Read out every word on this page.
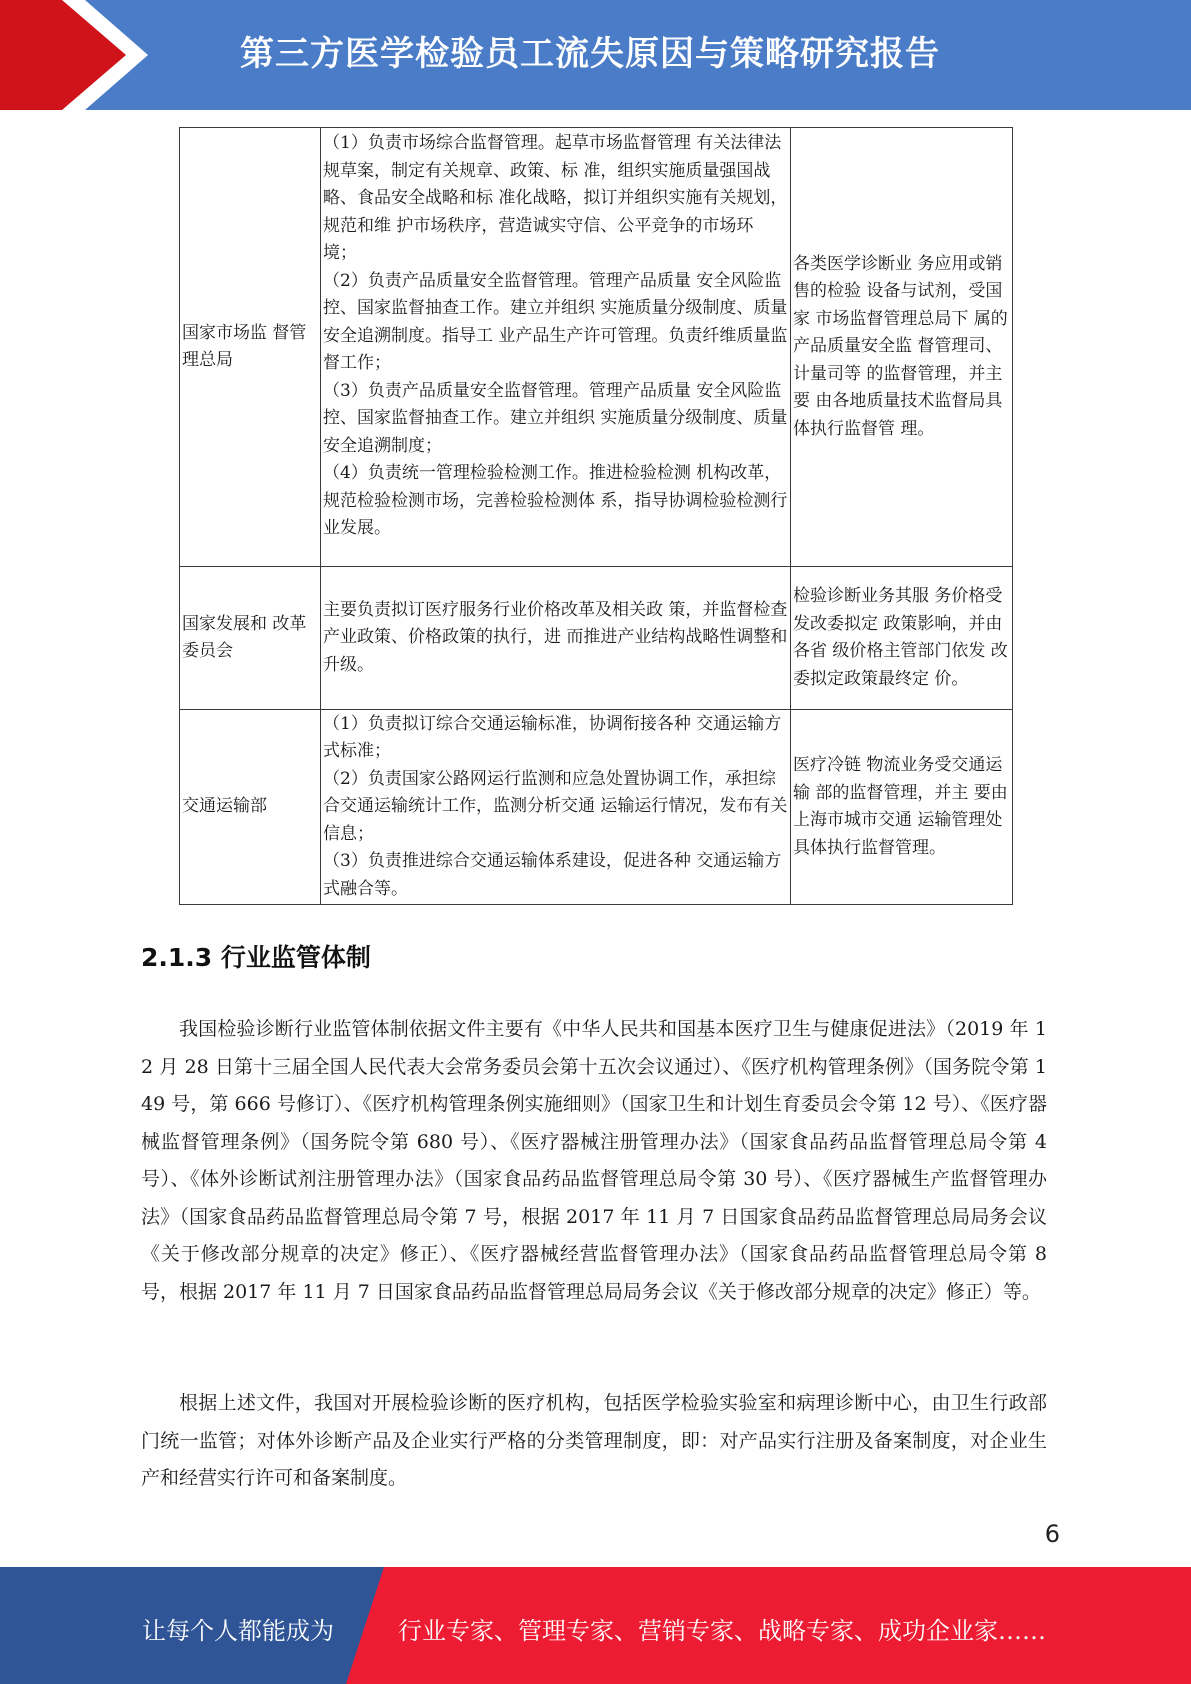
第三方医学检验员工流失原因与策略研究报告
国家市场监 督管理总局	（1）负责市场综合监督管理。起草市场监督管理 有关法律法规草案，制定有关规章、政策、标 准，组织实施质量强国战略、食品安全战略和标 准化战略，拟订并组织实施有关规划，规范和维 护市场秩序，营造诚实守信、公平竞争的市场环 境；
（2）负责产品质量安全监督管理。管理产品质量 安全风险监控、国家监督抽查工作。建立并组织 实施质量分级制度、质量安全追溯制度。指导工 业产品生产许可管理。负责纤维质量监督工作；
（3）负责产品质量安全监督管理。管理产品质量 安全风险监控、国家监督抽查工作。建立并组织 实施质量分级制度、质量安全追溯制度；
（4）负责统一管理检验检测工作。推进检验检测 机构改革，规范检验检测市场，完善检验检测体 系，指导协调检验检测行业发展。	各类医学诊断业 务应用或销售的检验 设备与试剂，受国家 市场监督管理总局下 属的产品质量安全监 督管理司、计量司等 的监督管理，并主要 由各地质量技术监督局具体执行监督管 理。
国家发展和 改革委员会	主要负责拟订医疗服务行业价格改革及相关政 策，并监督检查产业政策、价格政策的执行，进 而推进产业结构战略性调整和升级。	检验诊断业务其服 务价格受发改委拟定 政策影响，并由各省 级价格主管部门依发 改委拟定政策最终定 价。
交通运输部	（1）负责拟订综合交通运输标准，协调衔接各种 交通运输方式标准；
（2）负责国家公路网运行监测和应急处置协调工作，承担综合交通运输统计工作，监测分析交通 运输运行情况，发布有关信息；
（3）负责推进综合交通运输体系建设，促进各种 交通运输方式融合等。	医疗冷链 物流业务受交通运输 部的监督管理，并主 要由上海市城市交通 运输管理处具体执行监督管理。
2.1.3 行业监管体制

我国检验诊断行业监管体制依据文件主要有《中华人民共和国基本医疗卫生与健康促进法》（2019 年 12 月 28 日第十三届全国人民代表大会常务委员会第十五次会议通过）、《医疗机构管理条例》（国务院令第 149 号，第 666 号修订）、《医疗机构管理条例实施细则》（国家卫生和计划生育委员会令第 12 号）、《医疗器械监督管理条例》（国务院令第 680 号）、《医疗器械注册管理办法》（国家食品药品监督管理总局令第 4 号）、《体外诊断试剂注册管理办法》（国家食品药品监督管理总局令第 30 号）、《医疗器械生产监督管理办法》（国家食品药品监督管理总局令第 7 号，根据 2017 年 11 月 7 日国家食品药品监督管理总局局务会议《关于修改部分规章的决定》修正）、《医疗器械经营监督管理办法》（国家食品药品监督管理总局令第 8 号，根据 2017 年 11 月 7 日国家食品药品监督管理总局局务会议《关于修改部分规章的决定》修正）等。

根据上述文件，我国对开展检验诊断的医疗机构，包括医学检验实验室和病理诊断中心，由卫生行政部门统一监管；对体外诊断产品及企业实行严格的分类管理制度，即：对产品实行注册及备案制度，对企业生产和经营实行许可和备案制度。

6
让每个人都能成为	行业专家、管理专家、营销专家、战略专家、成功企业家……
